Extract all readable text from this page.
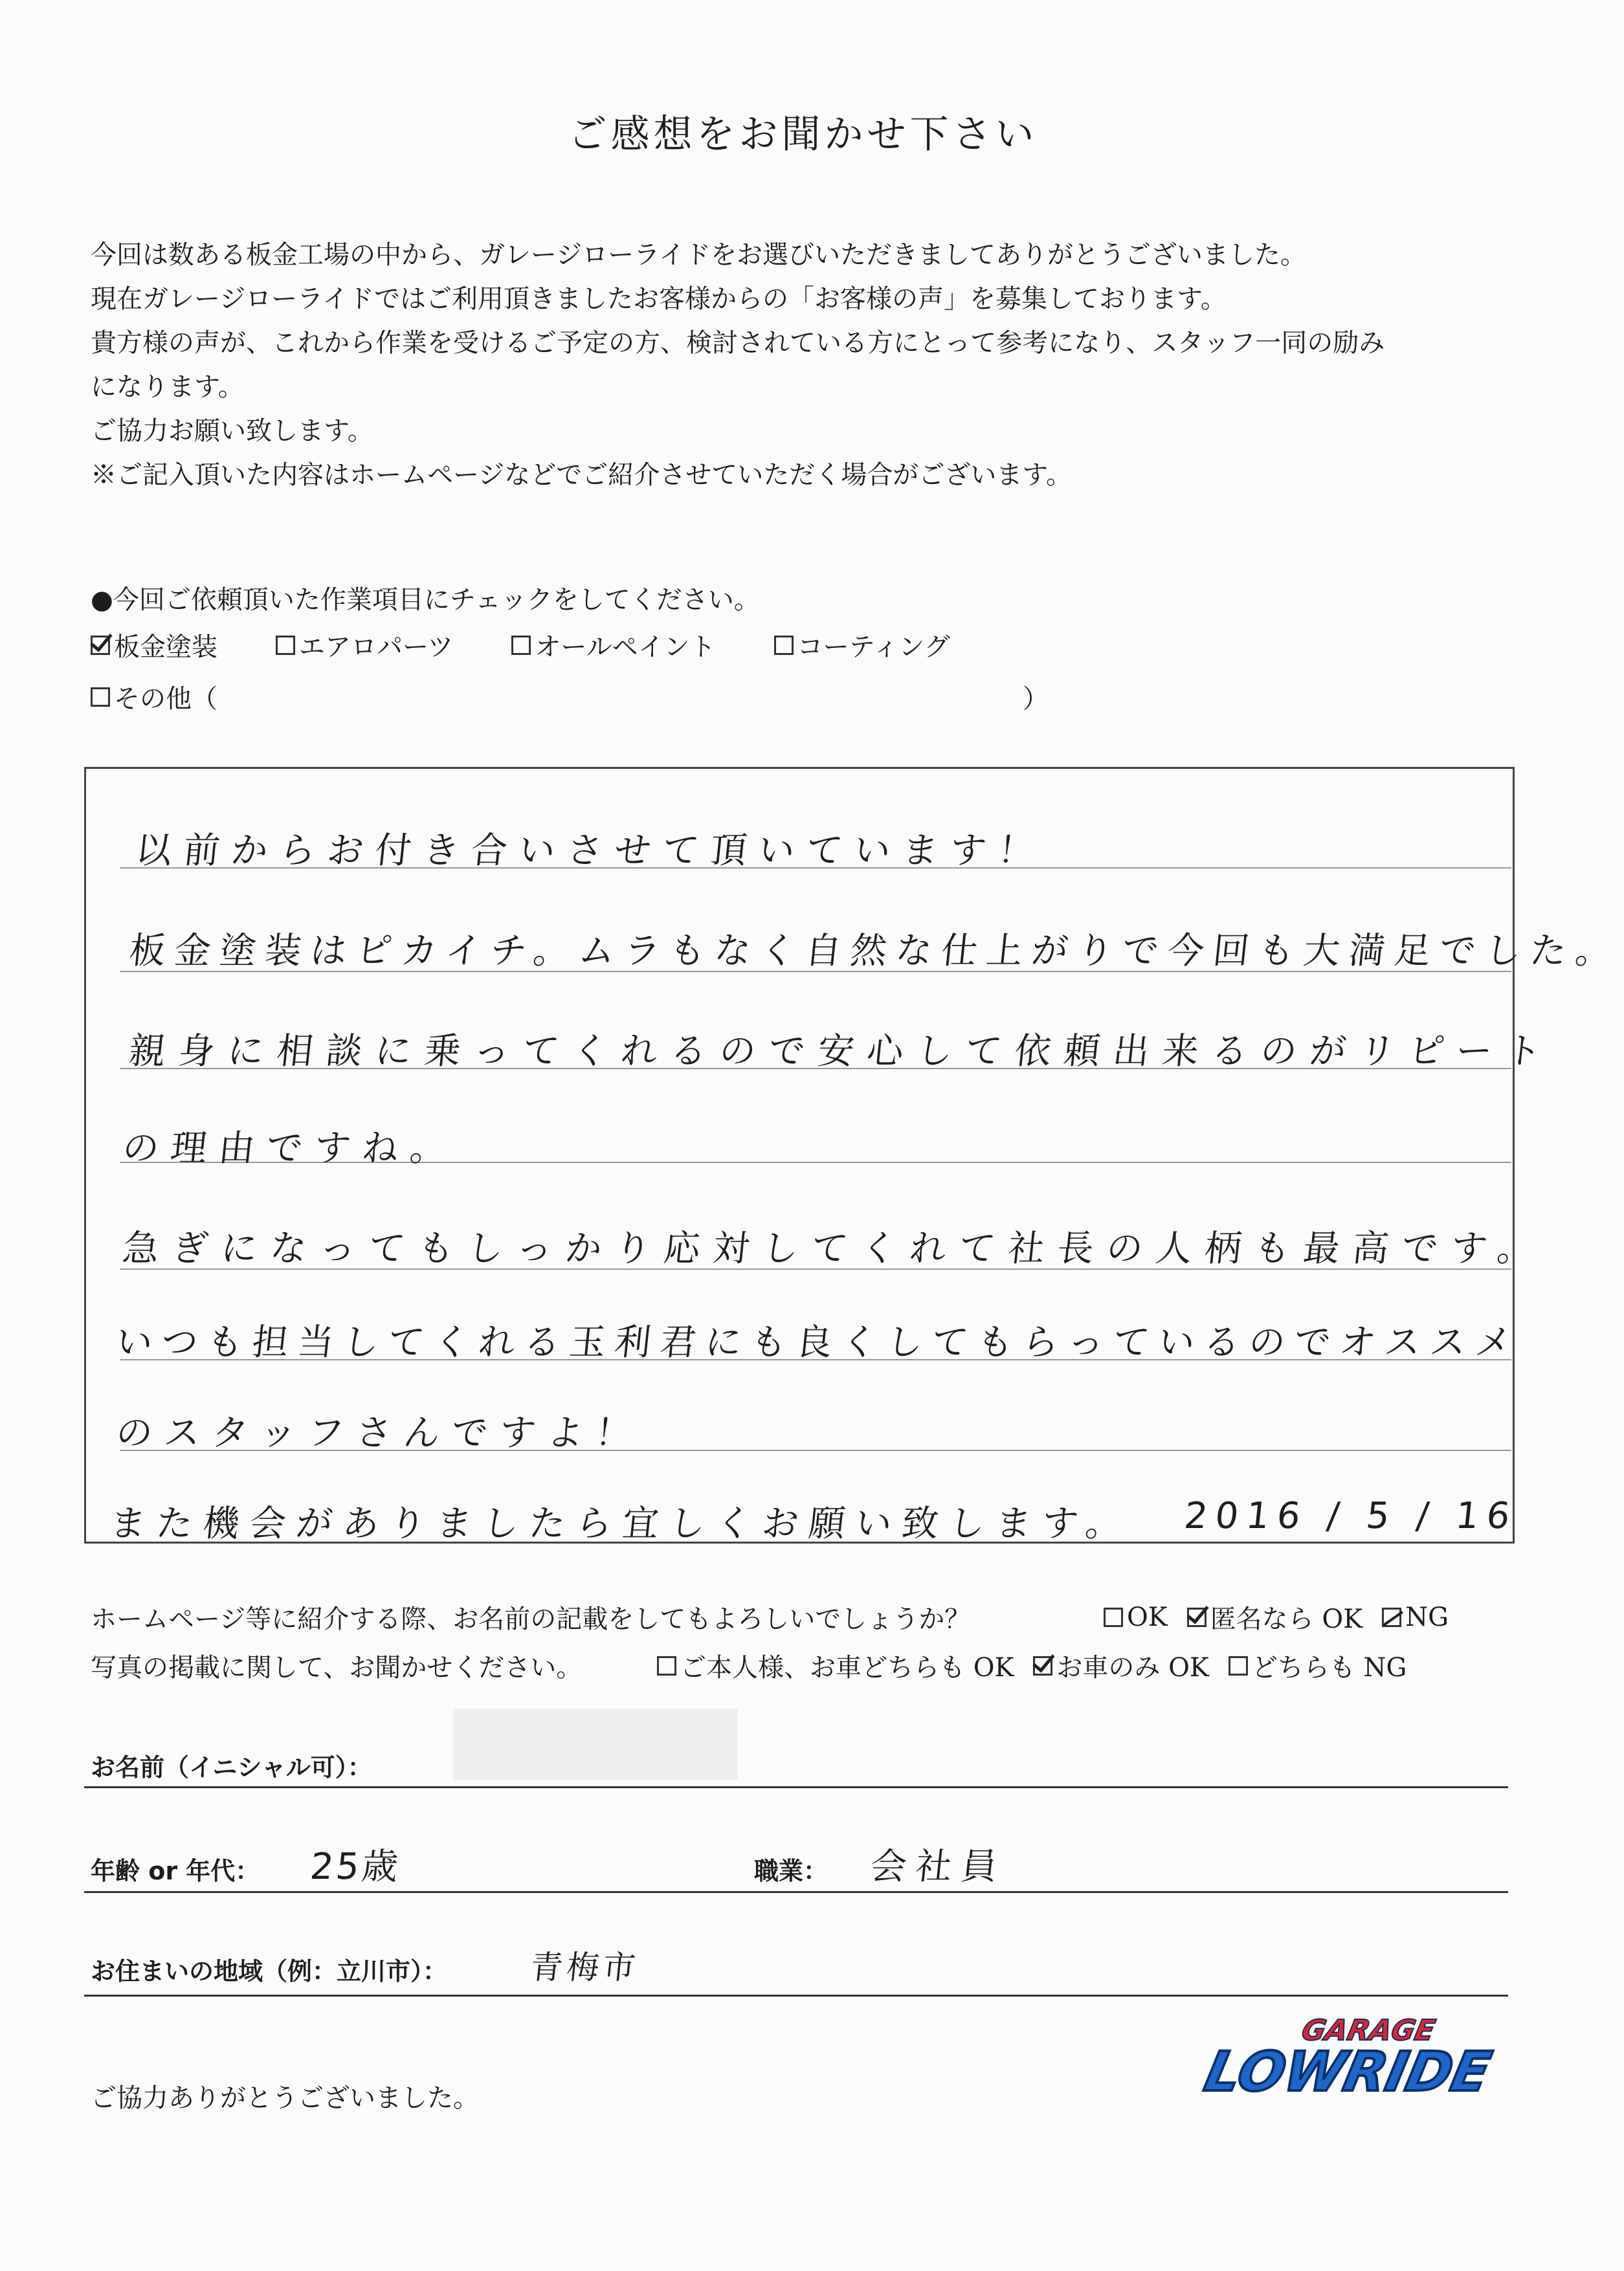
ご感想をお聞かせ下さい

今回は数ある板金工場の中から、ガレージローライドをお選びいただきましてありがとうございました。

現在ガレージローライドではご利用頂きましたお客様からの「お客様の声」を募集しております。

貴方様の声が、これから作業を受けるご予定の方、検討されている方にとって参考になり、スタッフ一同の励み

になります。

ご協力お願い致します。

※ご記入頂いた内容はホームページなどでご紹介させていただく場合がございます。

●今回ご依頼頂いた作業項目にチェックをしてください。
板金塗装	エアロパーツ	オールペイント	コーティング
その他（	）
以前からお付き合いさせて頂いています！
板金塗装はピカイチ。ムラもなく自然な仕上がりで今回も大満足でした。
親身に相談に乗ってくれるので安心して依頼出来るのがリピート
の理由ですね。
急ぎになってもしっかり応対してくれて社長の人柄も最高です。
いつも担当してくれる玉利君にも良くしてもらっているのでオススメ
のスタッフさんですよ！
また機会がありましたら宜しくお願い致します。 2016 / 5 / 16
ホームページ等に紹介する際、お名前の記載をしてもよろしいでしょうか？	OK 匿名なら OK NG
写真の掲載に関して、お聞かせください。	ご本人様、お車どちらも OK お車のみ OK どちらも NG
お名前（イニシャル可）：
年齢 or 年代： 25歳	職業： 会社員
お住まいの地域（例：立川市）：	青梅市
ご協力ありがとうございました。
GARAGE
LOWRIDE
